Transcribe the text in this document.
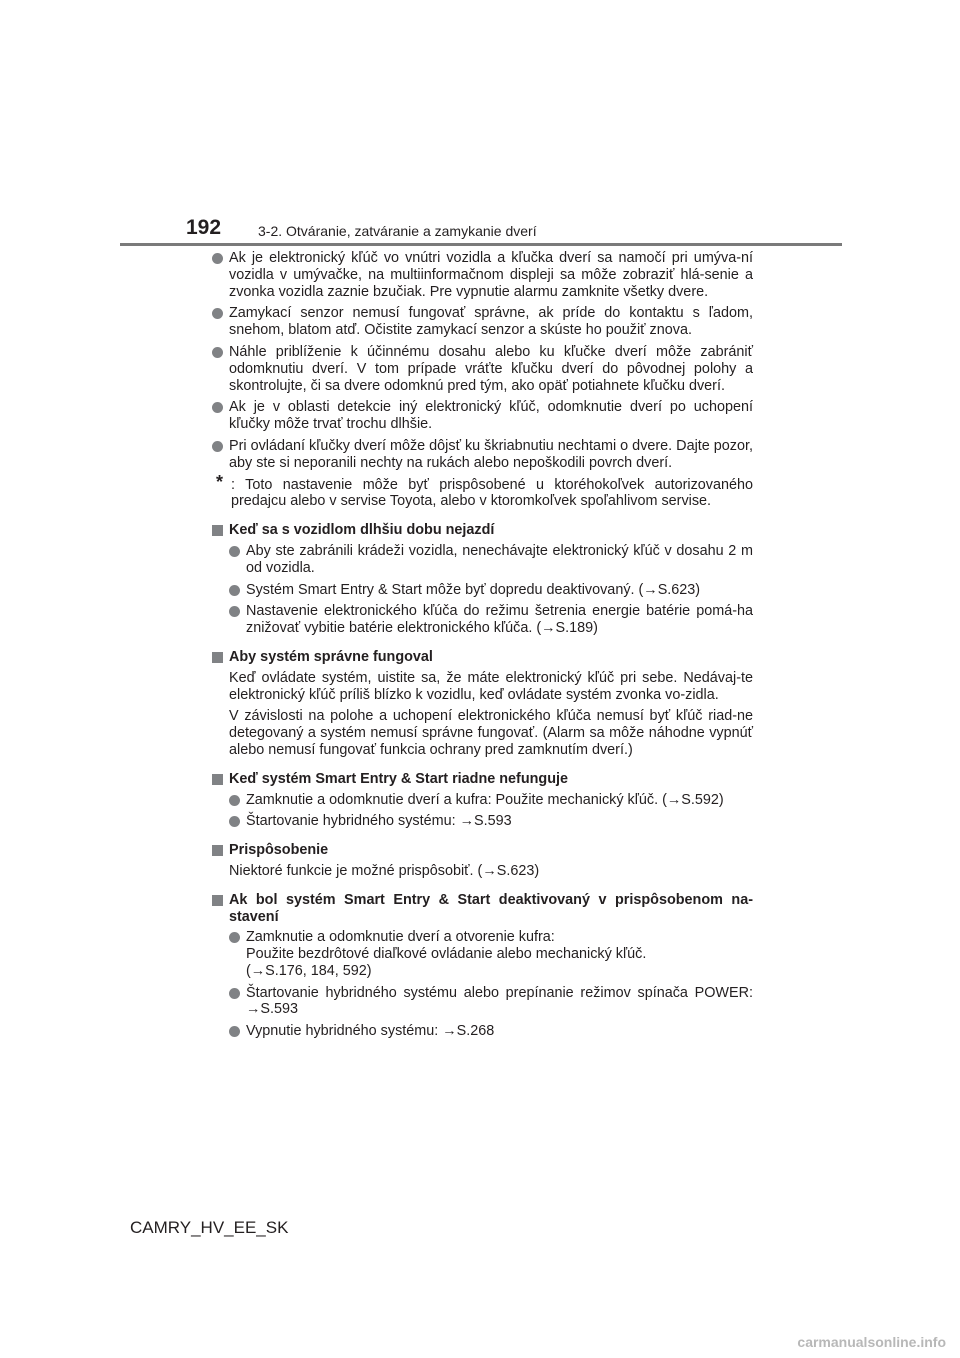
192	3-2. Otváranie, zatváranie a zamykanie dverí
Ak je elektronický kľúč vo vnútri vozidla a kľučka dverí sa namočí pri umýva-ní vozidla v umývačke, na multiinformačnom displeji sa môže zobraziť hlá-senie a zvonka vozidla zaznie bzučiak. Pre vypnutie alarmu zamknite všetky dvere.
Zamykací senzor nemusí fungovať správne, ak príde do kontaktu s ľadom, snehom, blatom atď. Očistite zamykací senzor a skúste ho použiť znova.
Náhle priblíženie k účinnému dosahu alebo ku kľučke dverí môže zabrániť odomknutiu dverí. V tom prípade vráťte kľučku dverí do pôvodnej polohy a skontrolujte, či sa dvere odomknú pred tým, ako opäť potiahnete kľučku dverí.
Ak je v oblasti detekcie iný elektronický kľúč, odomknutie dverí po uchopení kľučky môže trvať trochu dlhšie.
Pri ovládaní kľučky dverí môže dôjsť ku škriabnutiu nechtami o dvere. Dajte pozor, aby ste si neporanili nechty na rukách alebo nepoškodili povrch dverí.
* : Toto nastavenie môže byť prispôsobené u ktoréhokoľvek autorizovaného predajcu alebo v servise Toyota, alebo v ktoromkoľvek spoľahlivom servise.
Keď sa s vozidlom dlhšiu dobu nejazdí
Aby ste zabránili krádeži vozidla, nenechávajte elektronický kľúč v dosahu 2 m od vozidla.
Systém Smart Entry & Start môže byť dopredu deaktivovaný. (→S.623)
Nastavenie elektronického kľúča do režimu šetrenia energie batérie pomá-ha znižovať vybitie batérie elektronického kľúča. (→S.189)
Aby systém správne fungoval
Keď ovládate systém, uistite sa, že máte elektronický kľúč pri sebe. Nedávaj-te elektronický kľúč príliš blízko k vozidlu, keď ovládate systém zvonka vo-zidla.
V závislosti na polohe a uchopení elektronického kľúča nemusí byť kľúč riad-ne detegovaný a systém nemusí správne fungovať. (Alarm sa môže náhodne vypnúť alebo nemusí fungovať funkcia ochrany pred zamknutím dverí.)
Keď systém Smart Entry & Start riadne nefunguje
Zamknutie a odomknutie dverí a kufra: Použite mechanický kľúč. (→S.592)
Štartovanie hybridného systému: →S.593
Prispôsobenie
Niektoré funkcie je možné prispôsobiť. (→S.623)
Ak bol systém Smart Entry & Start deaktivovaný v prispôsobenom na-stavení
Zamknutie a odomknutie dverí a otvorenie kufra:
Použite bezdrôtové diaľkové ovládanie alebo mechanický kľúč.
(→S.176, 184, 592)
Štartovanie hybridného systému alebo prepínanie režimov spínača POWER: →S.593
Vypnutie hybridného systému: →S.268
CAMRY_HV_EE_SK
carmanualsonline.info
